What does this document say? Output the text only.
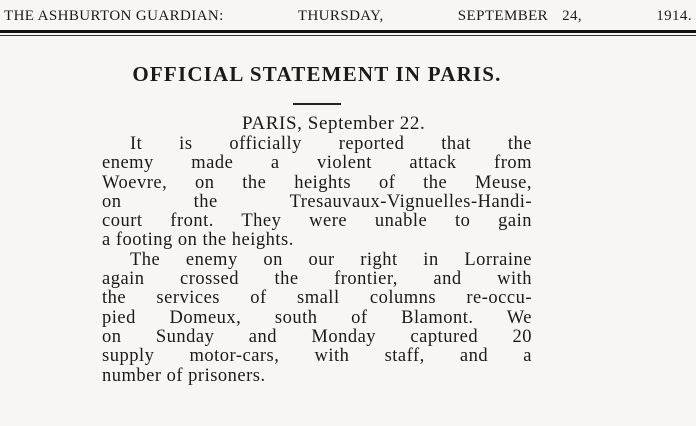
THE ASHBURTON GUARDIAN:	THURSDAY,	SEPTEMBER 24,	1914.
OFFICIAL STATEMENT IN PARIS.
PARIS, September 22.

It is officially reported that the
enemy made a violent attack from
Woevre, on the heights of the Meuse,
on the Tresauvaux-Vignuelles-Handi-
court front. They were unable to gain
a footing on the heights.

The enemy on our right in Lorraine
again crossed the frontier, and with
the services of small columns re-occu-
pied Domeux, south of Blamont. We
on Sunday and Monday captured 20
supply motor-cars, with staff, and a
number of prisoners.
